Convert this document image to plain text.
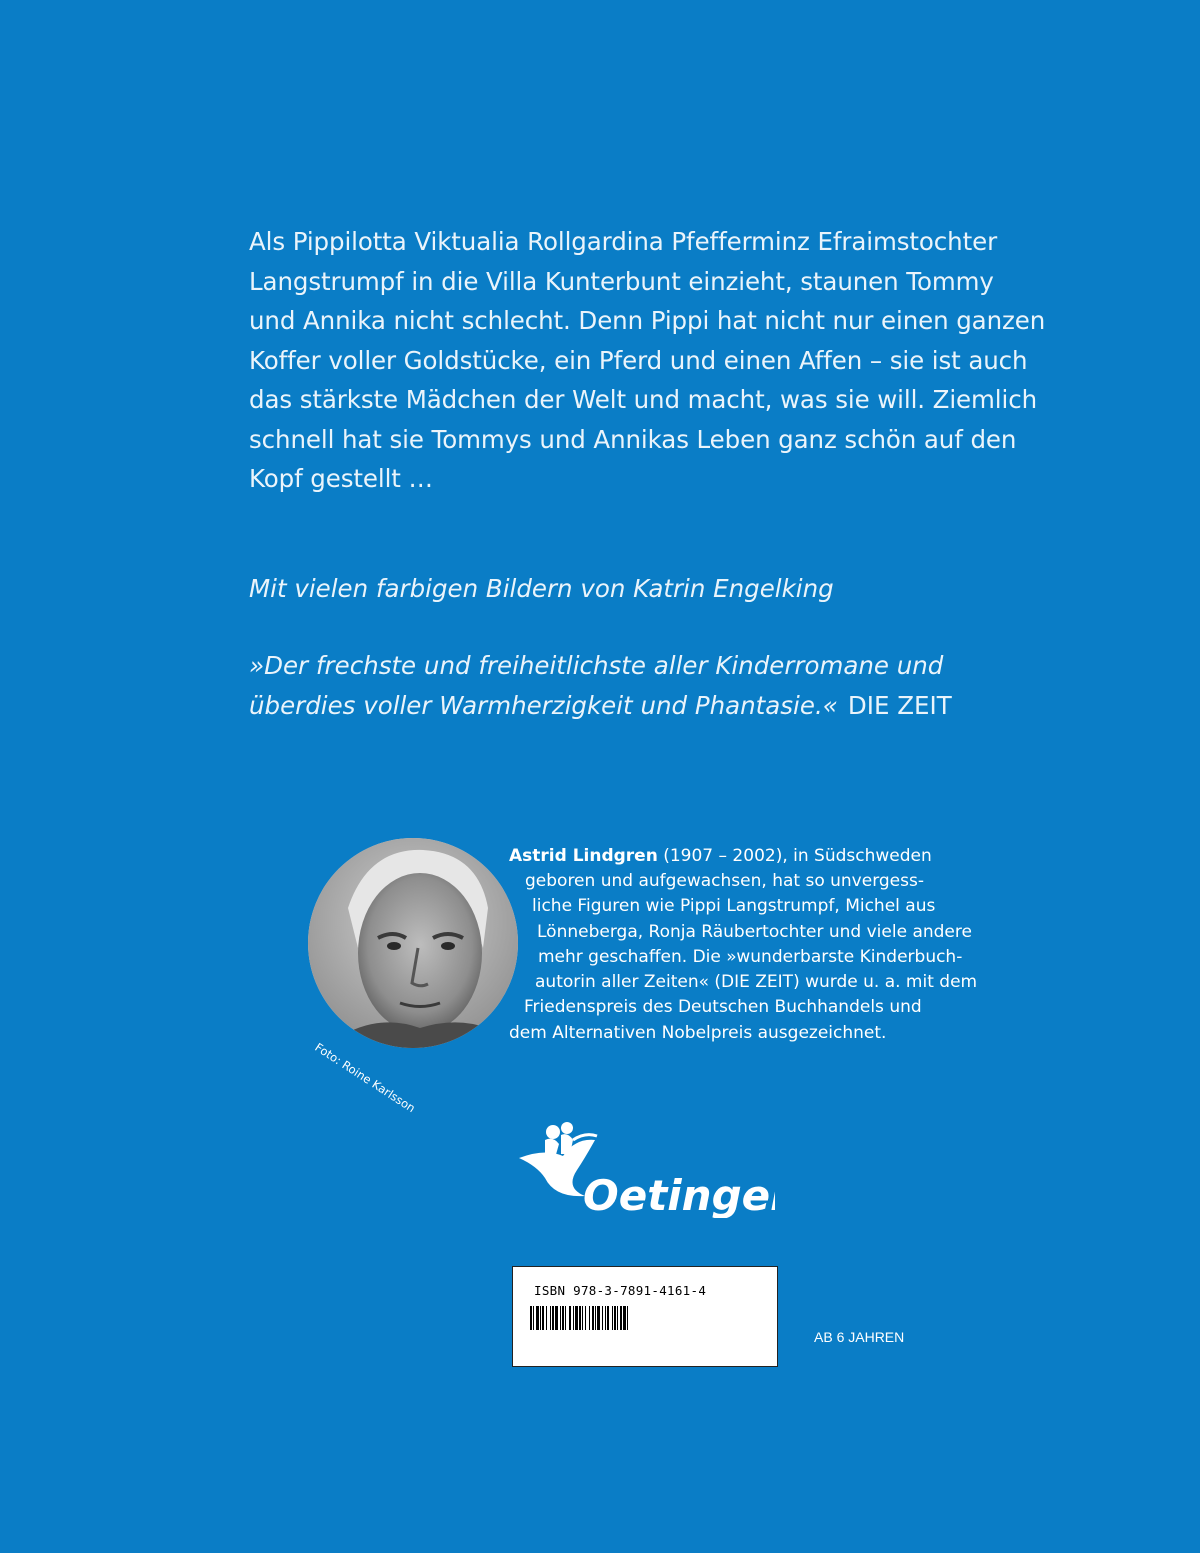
Als Pippilotta Viktualia Rollgardina Pfefferminz Efraimstochter
Langstrumpf in die Villa Kunterbunt einzieht, staunen Tommy
und Annika nicht schlecht. Denn Pippi hat nicht nur einen ganzen
Koffer voller Goldstücke, ein Pferd und einen Affen – sie ist auch
das stärkste Mädchen der Welt und macht, was sie will. Ziemlich
schnell hat sie Tommys und Annikas Leben ganz schön auf den
Kopf gestellt …
Mit vielen farbigen Bildern von Katrin Engelking
»Der frechste und freiheitlichste aller Kinderromane und
überdies voller Warmherzigkeit und Phantasie.« DIE ZEIT
Foto: Roine Karlsson
Astrid Lindgren (1907 – 2002), in Südschweden
geboren und aufgewachsen, hat so unvergess-
liche Figuren wie Pippi Langstrumpf, Michel aus
Lönneberga, Ronja Räubertochter und viele andere
mehr geschaffen. Die »wunderbarste Kinderbuch-
autorin aller Zeiten« (DIE ZEIT) wurde u. a. mit dem
Friedenspreis des Deutschen Buchhandels und
dem Alternativen Nobelpreis ausgezeichnet.
Oetinger
ISBN 978-3-7891-4161-4
AB 6 JAHREN
